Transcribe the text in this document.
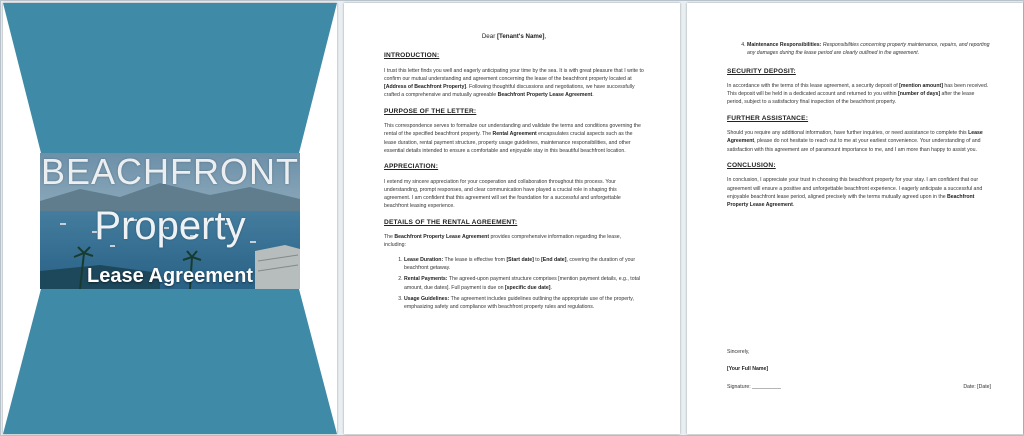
BEACHFRONT
Property
Lease Agreement
Dear [Tenant's Name],
INTRODUCTION:

I trust this letter finds you well and eagerly anticipating your time by the sea. It is with great pleasure that I write to confirm our mutual understanding and agreement concerning the lease of the beachfront property located at [Address of Beachfront Property]. Following thoughtful discussions and negotiations, we have successfully crafted a comprehensive and mutually agreeable Beachfront Property Lease Agreement.

PURPOSE OF THE LETTER:

This correspondence serves to formalize our understanding and validate the terms and conditions governing the rental of the specified beachfront property. The Rental Agreement encapsulates crucial aspects such as the lease duration, rental payment structure, property usage guidelines, maintenance responsibilities, and other essential details intended to ensure a comfortable and enjoyable stay in this beautiful beachfront location.

APPRECIATION:

I extend my sincere appreciation for your cooperation and collaboration throughout this process. Your understanding, prompt responses, and clear communication have played a crucial role in shaping this agreement. I am confident that this agreement will set the foundation for a successful and unforgettable beachfront leasing experience.

DETAILS OF THE RENTAL AGREEMENT:

The Beachfront Property Lease Agreement provides comprehensive information regarding the lease, including:

1. Lease Duration: The lease is effective from [Start date] to [End date], covering the duration of your beachfront getaway.
2. Rental Payments: The agreed-upon payment structure comprises [mention payment details, e.g., total amount, due dates]. Full payment is due on [specific due date].
3. Usage Guidelines: The agreement includes guidelines outlining the appropriate use of the property, emphasizing safety and compliance with beachfront property rules and regulations.
4. Maintenance Responsibilities: Responsibilities concerning property maintenance, repairs, and reporting any damages during the lease period are clearly outlined in the agreement.
SECURITY DEPOSIT:

In accordance with the terms of this lease agreement, a security deposit of [mention amount] has been received. This deposit will be held in a dedicated account and returned to you within [number of days] after the lease period, subject to a satisfactory final inspection of the beachfront property.

FURTHER ASSISTANCE:

Should you require any additional information, have further inquiries, or need assistance to complete this Lease Agreement, please do not hesitate to reach out to me at your earliest convenience. Your understanding of and satisfaction with this agreement are of paramount importance to me, and I am more than happy to assist you.

CONCLUSION:

In conclusion, I appreciate your trust in choosing this beachfront property for your stay. I am confident that our agreement will ensure a positive and unforgettable beachfront experience. I eagerly anticipate a successful and enjoyable beachfront lease period, aligned precisely with the terms mutually agreed upon in the Beachfront Property Lease Agreement.

Sincerely,
[Your Full Name]
Signature: __________	Date: [Date]
